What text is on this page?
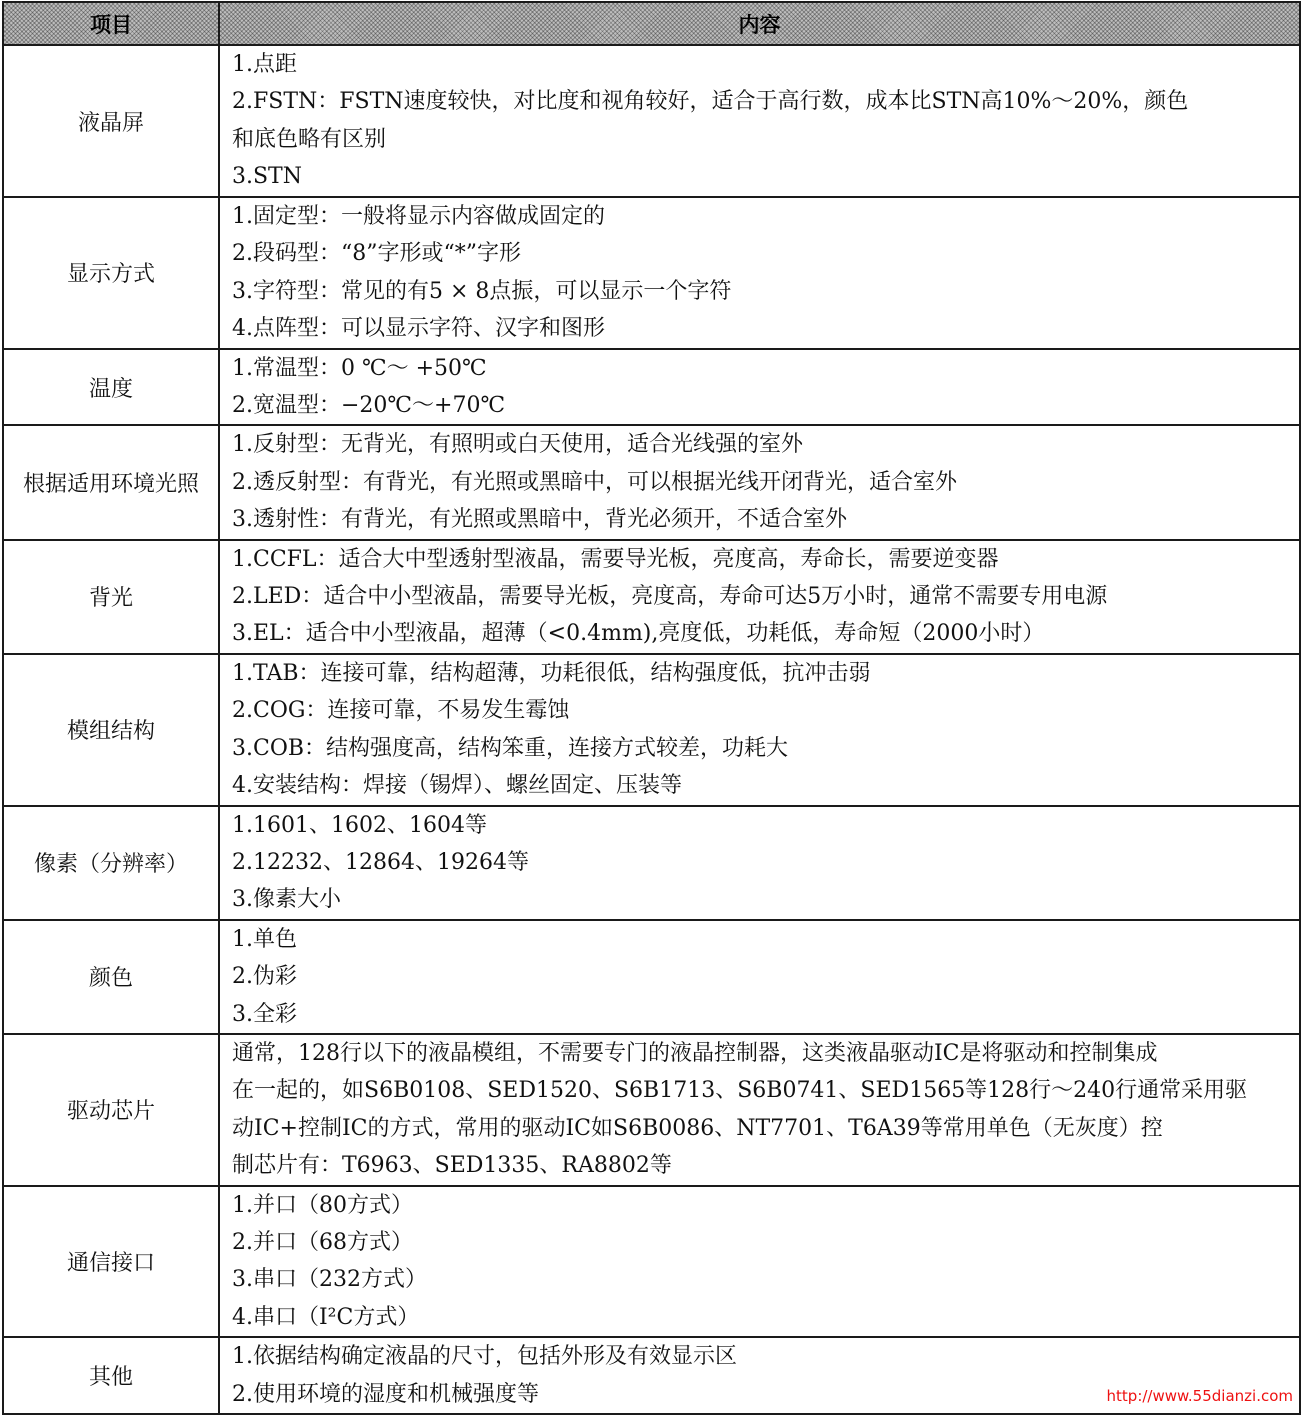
项目	内容
液晶屏	1.点距
2.FSTN：FSTN速度较快，对比度和视角较好，适合于高行数，成本比STN高10%～20%，颜色
和底色略有区别
3.STN

显示方式	1.固定型：一般将显示内容做成固定的
2.段码型：“8”字形或“*”字形
3.字符型：常见的有5 × 8点振，可以显示一个字符
4.点阵型：可以显示字符、汉字和图形

温度	1.常温型：0 ℃～ +50℃
2.宽温型：−20℃～+70℃

根据适用环境光照	1.反射型：无背光，有照明或白天使用，适合光线强的室外
2.透反射型：有背光，有光照或黑暗中，可以根据光线开闭背光，适合室外
3.透射性：有背光，有光照或黑暗中，背光必须开，不适合室外

背光	1.CCFL：适合大中型透射型液晶，需要导光板，亮度高，寿命长，需要逆变器
2.LED：适合中小型液晶，需要导光板，亮度高，寿命可达5万小时，通常不需要专用电源
3.EL：适合中小型液晶，超薄（<0.4mm),亮度低，功耗低，寿命短（2000小时）

模组结构	1.TAB：连接可靠，结构超薄，功耗很低，结构强度低，抗冲击弱
2.COG：连接可靠，不易发生霉蚀
3.COB：结构强度高，结构笨重，连接方式较差，功耗大
4.安装结构：焊接（锡焊）、螺丝固定、压装等

像素（分辨率）	1.1601、1602、1604等
2.12232、12864、19264等
3.像素大小

颜色	1.单色
2.伪彩
3.全彩

驱动芯片	通常，128行以下的液晶模组，不需要专门的液晶控制器，这类液晶驱动IC是将驱动和控制集成
在一起的，如S6B0108、SED1520、S6B1713、S6B0741、SED1565等128行～240行通常采用驱
动IC+控制IC的方式，常用的驱动IC如S6B0086、NT7701、T6A39等常用单色（无灰度）控
制芯片有：T6963、SED1335、RA8802等

通信接口	1.并口（80方式）
2.并口（68方式）
3.串口（232方式）
4.串口（I²C方式）

其他	1.依据结构确定液晶的尺寸，包括外形及有效显示区
2.使用环境的湿度和机械强度等	http://www.55dianzi.com
